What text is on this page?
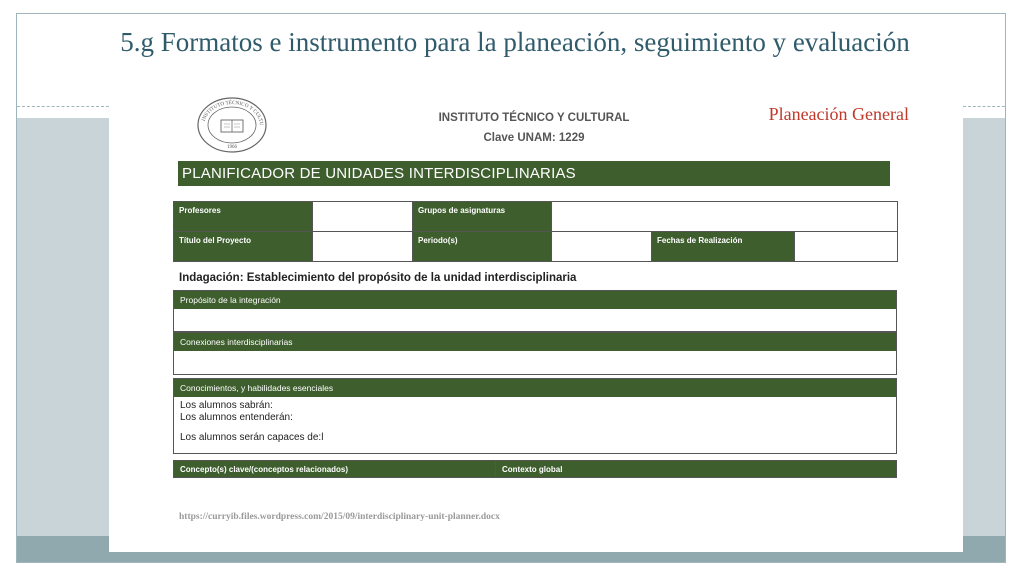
5.g Formatos e instrumento para la planeación, seguimiento y evaluación
INSTITUTO TÉCNICO Y CULTU
1966
INSTITUTO TÉCNICO Y CULTURAL
Clave UNAM: 1229
Planeación General
PLANIFICADOR DE UNIDADES INTERDISCIPLINARIAS
Profesores		Grupos de asignaturas			
Título del Proyecto		Periodo(s)		Fechas de Realización	
Indagación: Establecimiento del propósito de la unidad interdisciplinaria
Propósito de la integración
Conexiones interdisciplinarias
Conocimientos, y habilidades esenciales
Los alumnos sabrán:
Los alumnos entenderán:
Los alumnos serán capaces de:l
Concepto(s) clave/(conceptos relacionados)	Contexto global
https://curryib.files.wordpress.com/2015/09/interdisciplinary-unit-planner.docx
